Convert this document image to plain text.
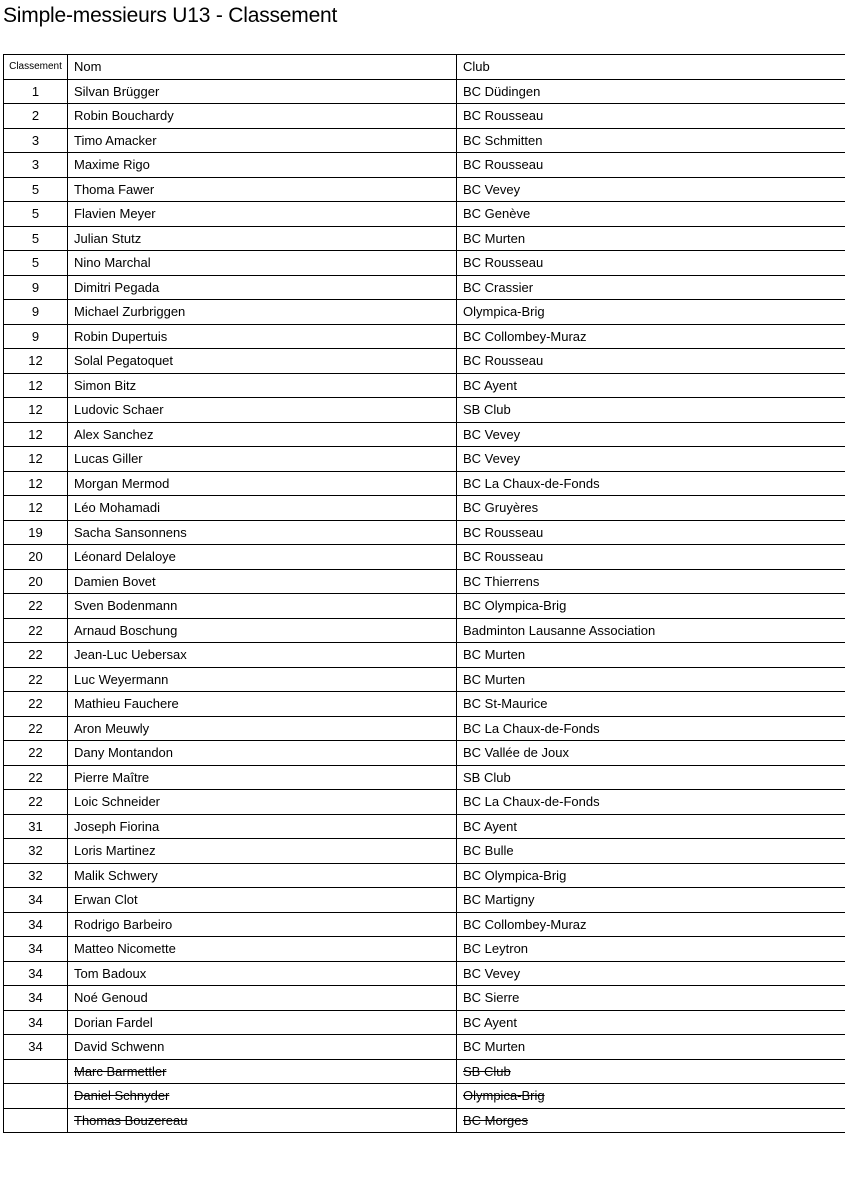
Simple-messieurs U13 - Classement
Classement	Nom	Club
1	Silvan Brügger	BC Düdingen
2	Robin Bouchardy	BC Rousseau
3	Timo Amacker	BC Schmitten
3	Maxime Rigo	BC Rousseau
5	Thoma Fawer	BC Vevey
5	Flavien Meyer	BC Genève
5	Julian Stutz	BC Murten
5	Nino Marchal	BC Rousseau
9	Dimitri Pegada	BC Crassier
9	Michael Zurbriggen	Olympica-Brig
9	Robin Dupertuis	BC Collombey-Muraz
12	Solal Pegatoquet	BC Rousseau
12	Simon Bitz	BC Ayent
12	Ludovic Schaer	SB Club
12	Alex Sanchez	BC Vevey
12	Lucas Giller	BC Vevey
12	Morgan Mermod	BC La Chaux-de-Fonds
12	Léo Mohamadi	BC Gruyères
19	Sacha Sansonnens	BC Rousseau
20	Léonard Delaloye	BC Rousseau
20	Damien Bovet	BC Thierrens
22	Sven Bodenmann	BC Olympica-Brig
22	Arnaud Boschung	Badminton Lausanne Association
22	Jean-Luc Uebersax	BC Murten
22	Luc Weyermann	BC Murten
22	Mathieu Fauchere	BC St-Maurice
22	Aron Meuwly	BC La Chaux-de-Fonds
22	Dany Montandon	BC Vallée de Joux
22	Pierre Maître	SB Club
22	Loic Schneider	BC La Chaux-de-Fonds
31	Joseph Fiorina	BC Ayent
32	Loris Martinez	BC Bulle
32	Malik Schwery	BC Olympica-Brig
34	Erwan Clot	BC Martigny
34	Rodrigo Barbeiro	BC Collombey-Muraz
34	Matteo Nicomette	BC Leytron
34	Tom Badoux	BC Vevey
34	Noé Genoud	BC Sierre
34	Dorian Fardel	BC Ayent
34	David Schwenn	BC Murten
	Marc Barmettler	SB Club
	Daniel Schnyder	Olympica-Brig
	Thomas Bouzereau	BC Morges
